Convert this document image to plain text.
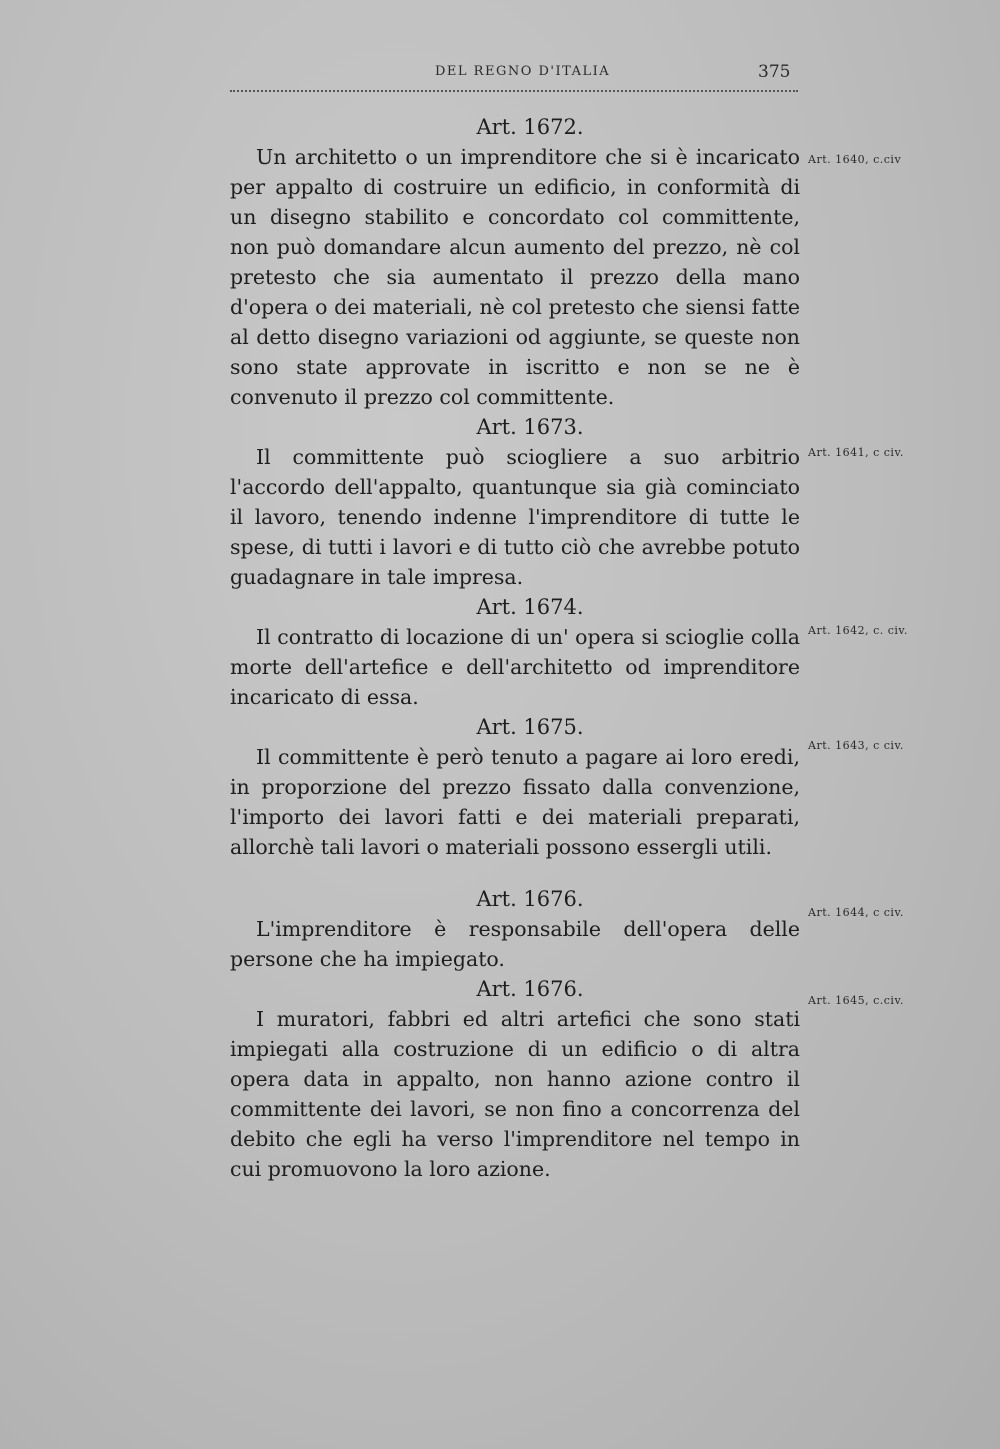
DEL REGNO D'ITALIA	375
Art. 1672.

Un architetto o un imprenditore che si è incaricato per appalto di costruire un edificio, in conformità di un disegno stabilito e concordato col committente, non può domandare alcun aumento del prezzo, nè col pretesto che sia aumentato il prezzo della mano d'opera o dei materiali, nè col pretesto che siensi fatte al detto disegno variazioni od aggiunte, se queste non sono state approvate in iscritto e non se ne è convenuto il prezzo col committente.

Art. 1673.

Il committente può sciogliere a suo arbitrio l'accordo dell'appalto, quantunque sia già cominciato il lavoro, tenendo indenne l'imprenditore di tutte le spese, di tutti i lavori e di tutto ciò che avrebbe potuto guadagnare in tale impresa.

Art. 1674.

Il contratto di locazione di un' opera si scioglie colla morte dell'artefice e dell'architetto od imprenditore incaricato di essa.

Art. 1675.

Il committente è però tenuto a pagare ai loro eredi, in proporzione del prezzo fissato dalla convenzione, l'importo dei lavori fatti e dei materiali preparati, allorchè tali lavori o materiali possono essergli utili.

Art. 1676.

L'imprenditore è responsabile dell'opera delle persone che ha impiegato.

Art. 1676.

I muratori, fabbri ed altri artefici che sono stati impiegati alla costruzione di un edificio o di altra opera data in appalto, non hanno azione contro il committente dei lavori, se non fino a concorrenza del debito che egli ha verso l'imprenditore nel tempo in cui promuovono la loro azione.

Art. 1640, c.civ
Art. 1641, c civ.
Art. 1642, c. civ.
Art. 1643, c civ.
Art. 1644, c civ.
Art. 1645, c.civ.
